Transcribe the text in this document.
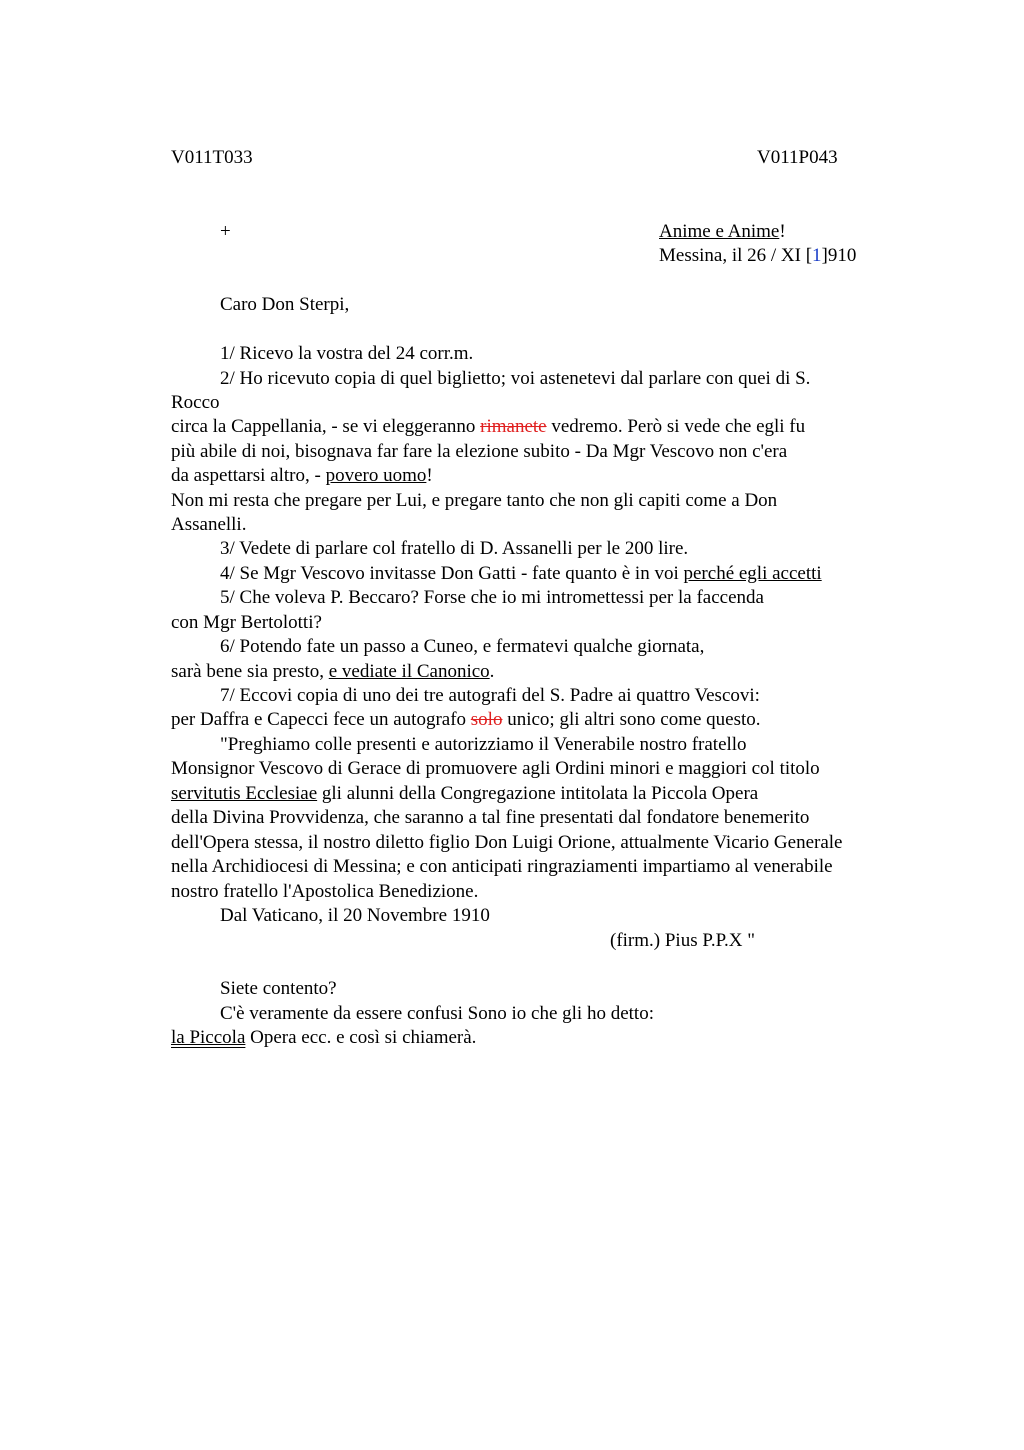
V011T033	V011P043
+	Anime e Anime!
Messina, il 26 / XI [1]910
Caro Don Sterpi,
1/ Ricevo la vostra del 24 corr.m.
2/ Ho ricevuto copia di quel biglietto; voi astenetevi dal parlare con quei di S.
Rocco
circa la Cappellania, - se vi eleggeranno rimanete vedremo. Però si vede che egli fu
più abile di noi, bisognava far fare la elezione subito - Da Mgr Vescovo non c'era
da aspettarsi altro, - povero uomo!
Non mi resta che pregare per Lui, e pregare tanto che non gli capiti come a Don
Assanelli.
3/ Vedete di parlare col fratello di D. Assanelli per le 200 lire.
4/ Se Mgr Vescovo invitasse Don Gatti - fate quanto è in voi perché egli accetti
5/ Che voleva P. Beccaro? Forse che io mi intromettessi per la faccenda
con Mgr Bertolotti?
6/ Potendo fate un passo a Cuneo, e fermatevi qualche giornata,
sarà bene sia presto, e vediate il Canonico.
7/ Eccovi copia di uno dei tre autografi del S. Padre ai quattro Vescovi:
per Daffra e Capecci fece un autografo solo unico; gli altri sono come questo.
"Preghiamo colle presenti e autorizziamo il Venerabile nostro fratello
Monsignor Vescovo di Gerace di promuovere agli Ordini minori e maggiori col titolo
servitutis Ecclesiae gli alunni della Congregazione intitolata la Piccola Opera
della Divina Provvidenza, che saranno a tal fine presentati dal fondatore benemerito
dell'Opera stessa, il nostro diletto figlio Don Luigi Orione, attualmente Vicario Generale
nella Archidiocesi di Messina; e con anticipati ringraziamenti impartiamo al venerabile
nostro fratello l'Apostolica Benedizione.
Dal Vaticano, il 20 Novembre 1910
(firm.) Pius P.P.X "
Siete contento?
C'è veramente da essere confusi Sono io che gli ho detto:
la Piccola Opera ecc. e così si chiamerà.
